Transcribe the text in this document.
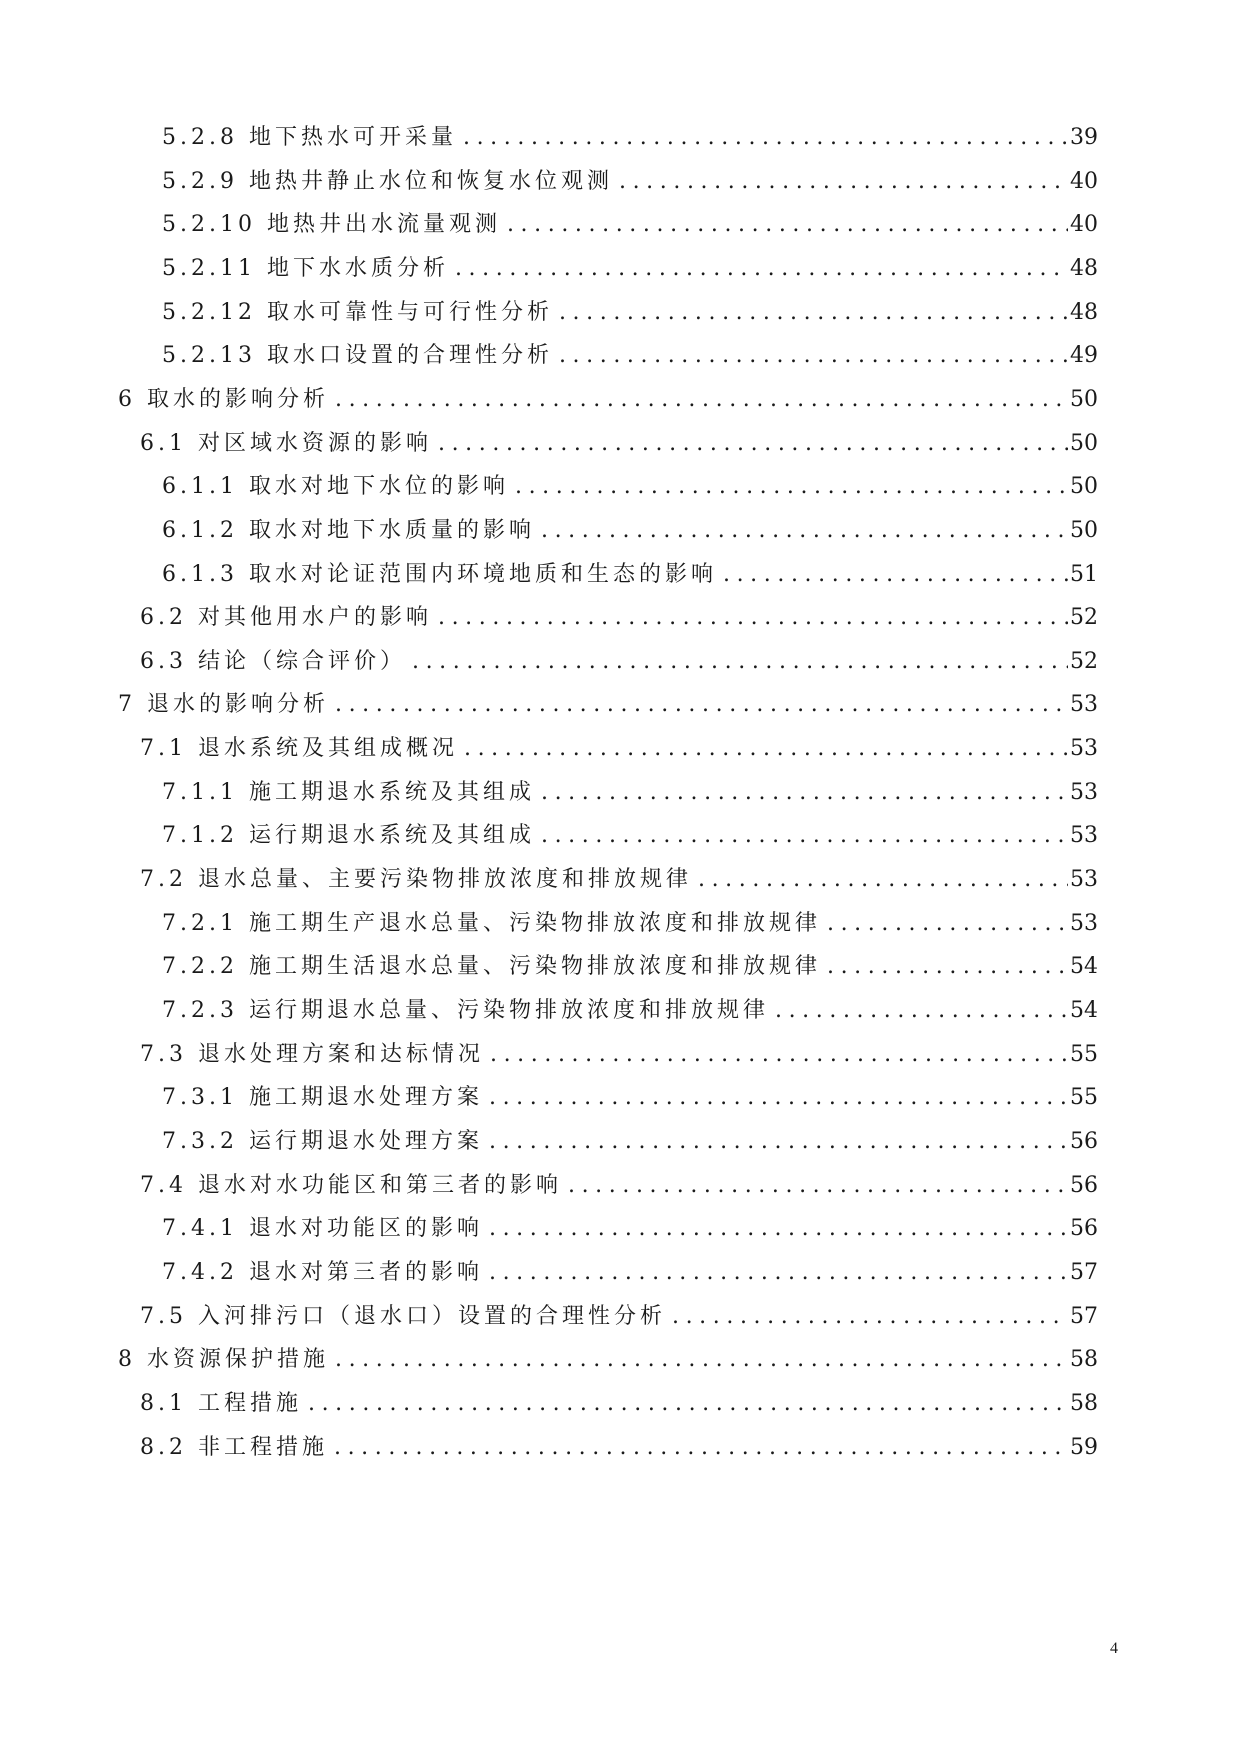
5.2.8 地下热水可开采量 .....	39
5.2.9 地热井静止水位和恢复水位观测 .....	40
5.2.10 地热井出水流量观测 .....	40
5.2.11 地下水水质分析 .....	48
5.2.12 取水可靠性与可行性分析 .....	48
5.2.13 取水口设置的合理性分析 .....	49
6 取水的影响分析 .....	50
6.1 对区域水资源的影响 .....	50
6.1.1 取水对地下水位的影响 .....	50
6.1.2 取水对地下水质量的影响 .....	50
6.1.3 取水对论证范围内环境地质和生态的影响 .....	51
6.2 对其他用水户的影响 .....	52
6.3 结论（综合评价） .....	52
7 退水的影响分析 .....	53
7.1 退水系统及其组成概况 .....	53
7.1.1 施工期退水系统及其组成 .....	53
7.1.2 运行期退水系统及其组成 .....	53
7.2 退水总量、主要污染物排放浓度和排放规律 .....	53
7.2.1 施工期生产退水总量、污染物排放浓度和排放规律 .....	53
7.2.2 施工期生活退水总量、污染物排放浓度和排放规律 .....	54
7.2.3 运行期退水总量、污染物排放浓度和排放规律 .....	54
7.3 退水处理方案和达标情况 .....	55
7.3.1 施工期退水处理方案 .....	55
7.3.2 运行期退水处理方案 .....	56
7.4 退水对水功能区和第三者的影响 .....	56
7.4.1 退水对功能区的影响 .....	56
7.4.2 退水对第三者的影响 .....	57
7.5 入河排污口（退水口）设置的合理性分析 .....	57
8 水资源保护措施 .....	58
8.1 工程措施 .....	58
8.2 非工程措施 .....	59
4
